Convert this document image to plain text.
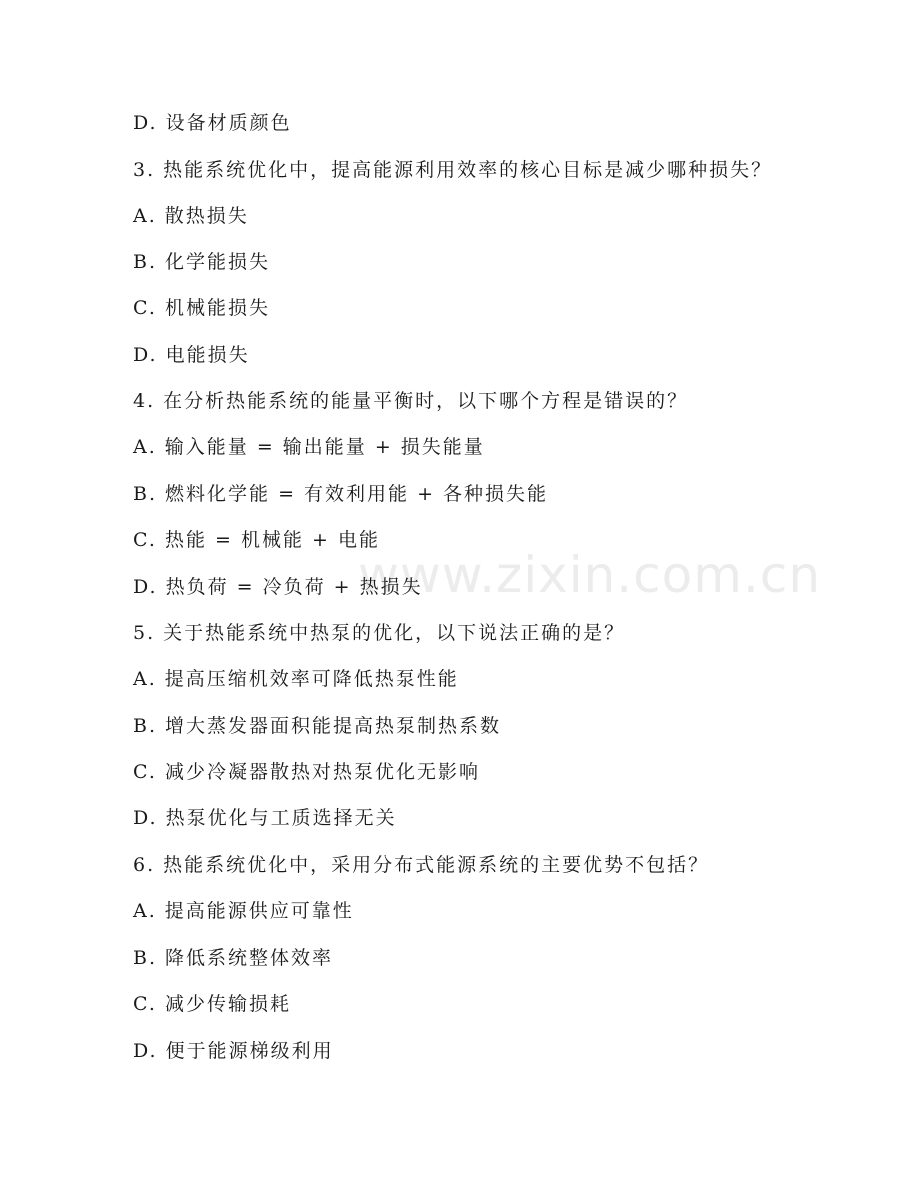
www.zixin.com.cn
D. 设备材质颜色
3. 热能系统优化中，提高能源利用效率的核心目标是减少哪种损失？
A. 散热损失
B. 化学能损失
C. 机械能损失
D. 电能损失
4. 在分析热能系统的能量平衡时，以下哪个方程是错误的？
A. 输入能量 = 输出能量 + 损失能量
B. 燃料化学能 = 有效利用能 + 各种损失能
C. 热能 = 机械能 + 电能
D. 热负荷 = 冷负荷 + 热损失
5. 关于热能系统中热泵的优化，以下说法正确的是？
A. 提高压缩机效率可降低热泵性能
B. 增大蒸发器面积能提高热泵制热系数
C. 减少冷凝器散热对热泵优化无影响
D. 热泵优化与工质选择无关
6. 热能系统优化中，采用分布式能源系统的主要优势不包括？
A. 提高能源供应可靠性
B. 降低系统整体效率
C. 减少传输损耗
D. 便于能源梯级利用
